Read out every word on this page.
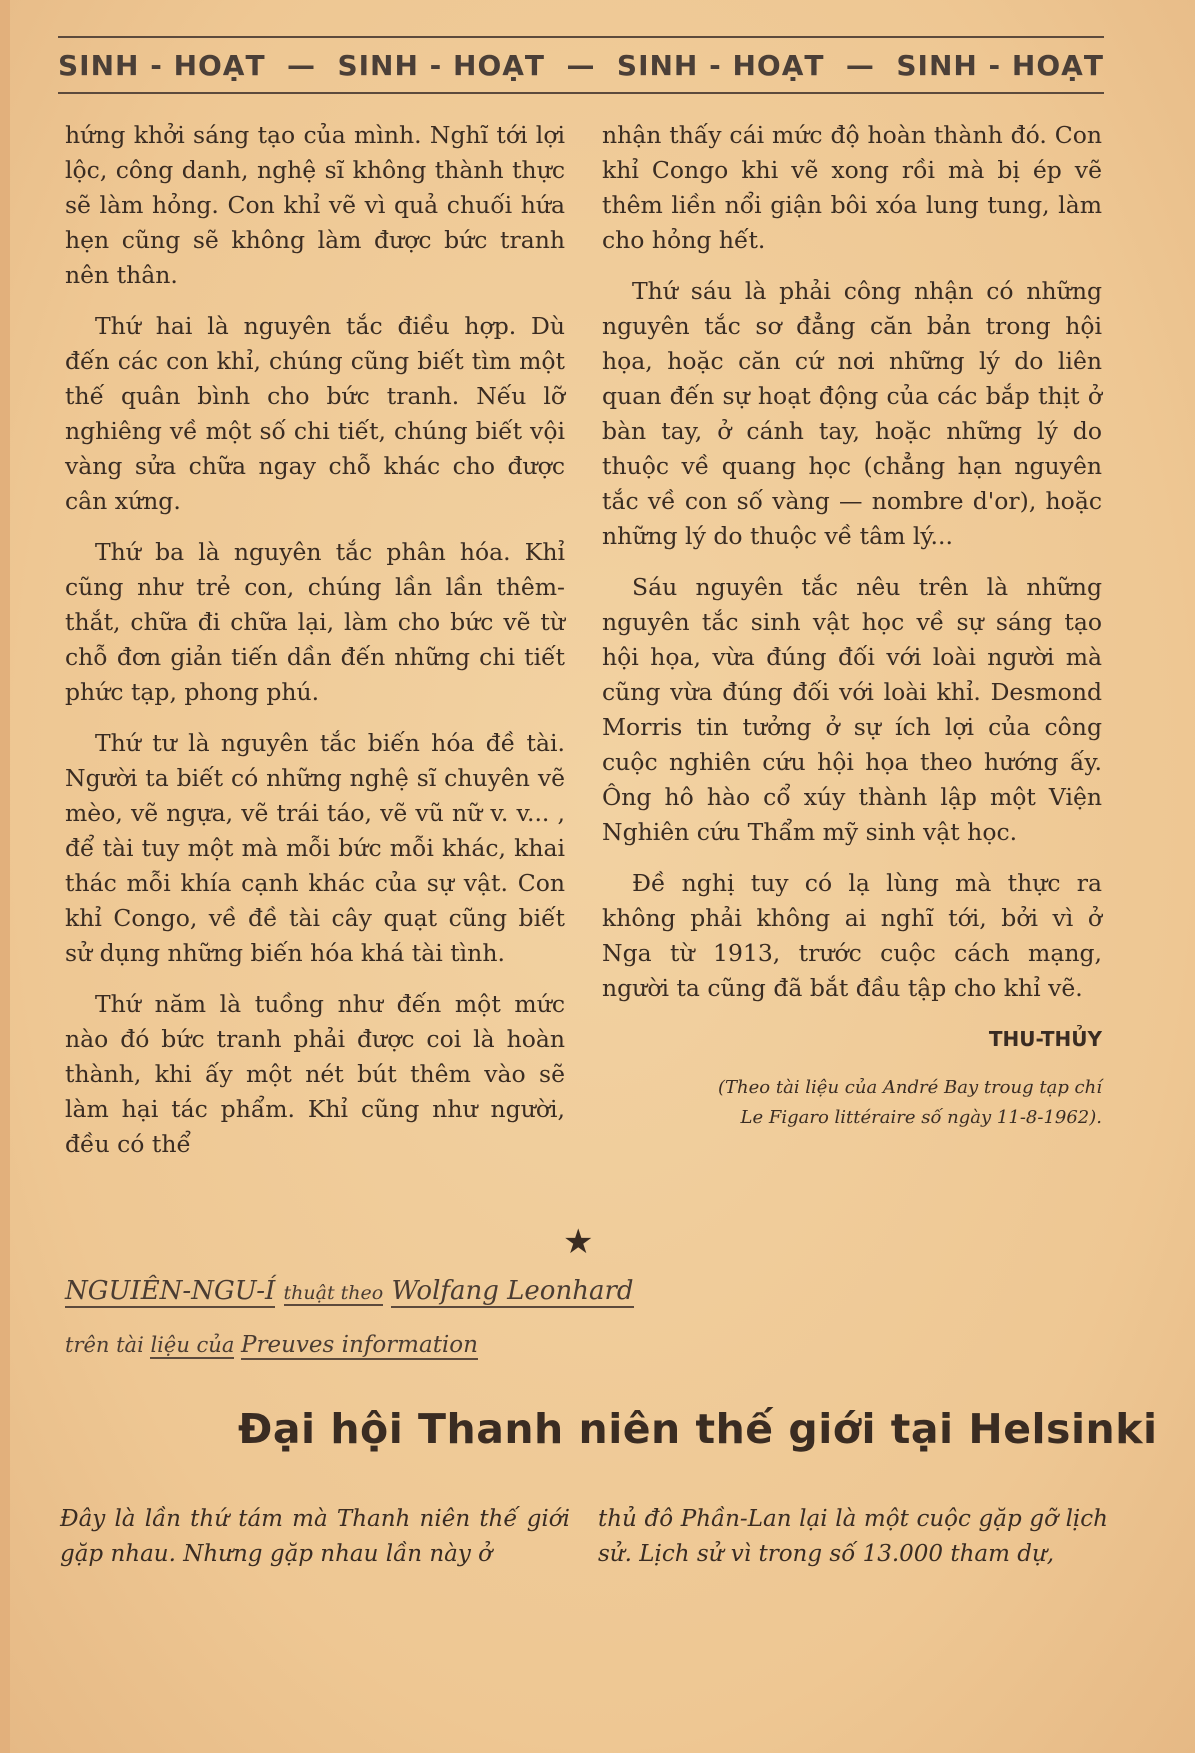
SINH - HOẠT — SINH - HOẠT — SINH - HOẠT — SINH - HOẠT

hứng khởi sáng tạo của mình. Nghĩ tới lợi lộc, công danh, nghệ sĩ không thành thực sẽ làm hỏng. Con khỉ vẽ vì quả chuối hứa hẹn cũng sẽ không làm được bức tranh nên thân.

Thứ hai là nguyên tắc điều hợp. Dù đến các con khỉ, chúng cũng biết tìm một thế quân bình cho bức tranh. Nếu lỡ nghiêng về một số chi tiết, chúng biết vội vàng sửa chữa ngay chỗ khác cho được cân xứng.

Thứ ba là nguyên tắc phân hóa. Khỉ cũng như trẻ con, chúng lần lần thêm-thắt, chữa đi chữa lại, làm cho bức vẽ từ chỗ đơn giản tiến dần đến những chi tiết phức tạp, phong phú.

Thứ tư là nguyên tắc biến hóa đề tài. Người ta biết có những nghệ sĩ chuyên vẽ mèo, vẽ ngựa, vẽ trái táo, vẽ vũ nữ v. v... , để tài tuy một mà mỗi bức mỗi khác, khai thác mỗi khía cạnh khác của sự vật. Con khỉ Congo, về đề tài cây quạt cũng biết sử dụng những biến hóa khá tài tình.

Thứ năm là tuồng như đến một mức nào đó bức tranh phải được coi là hoàn thành, khi ấy một nét bút thêm vào sẽ làm hại tác phẩm. Khỉ cũng như người, đều có thể

nhận thấy cái mức độ hoàn thành đó. Con khỉ Congo khi vẽ xong rồi mà bị ép vẽ thêm liền nổi giận bôi xóa lung tung, làm cho hỏng hết.

Thứ sáu là phải công nhận có những nguyên tắc sơ đẳng căn bản trong hội họa, hoặc căn cứ nơi những lý do liên quan đến sự hoạt động của các bắp thịt ở bàn tay, ở cánh tay, hoặc những lý do thuộc về quang học (chẳng hạn nguyên tắc về con số vàng — nombre d'or), hoặc những lý do thuộc về tâm lý...

Sáu nguyên tắc nêu trên là những nguyên tắc sinh vật học về sự sáng tạo hội họa, vừa đúng đối với loài người mà cũng vừa đúng đối với loài khỉ. Desmond Morris tin tưởng ở sự ích lợi của công cuộc nghiên cứu hội họa theo hướng ấy. Ông hô hào cổ xúy thành lập một Viện Nghiên cứu Thẩm mỹ sinh vật học.

Đề nghị tuy có lạ lùng mà thực ra không phải không ai nghĩ tới, bởi vì ở Nga từ 1913, trước cuộc cách mạng, người ta cũng đã bắt đầu tập cho khỉ vẽ.

THU-THỦY
(Theo tài liệu của André Bay troug tạp chí
Le Figaro littéraire số ngày 11-8-1962).
★
NGUIÊN-NGU-Í thuật theo Wolfang Leonhard
trên tài liệu của Preuves information
Đại hội Thanh niên thế giới tại Helsinki
Đây là lần thứ tám mà Thanh niên thế giới gặp nhau. Nhưng gặp nhau lần này ở
thủ đô Phần-Lan lại là một cuộc gặp gỡ lịch sử. Lịch sử vì trong số 13.000 tham dự,
